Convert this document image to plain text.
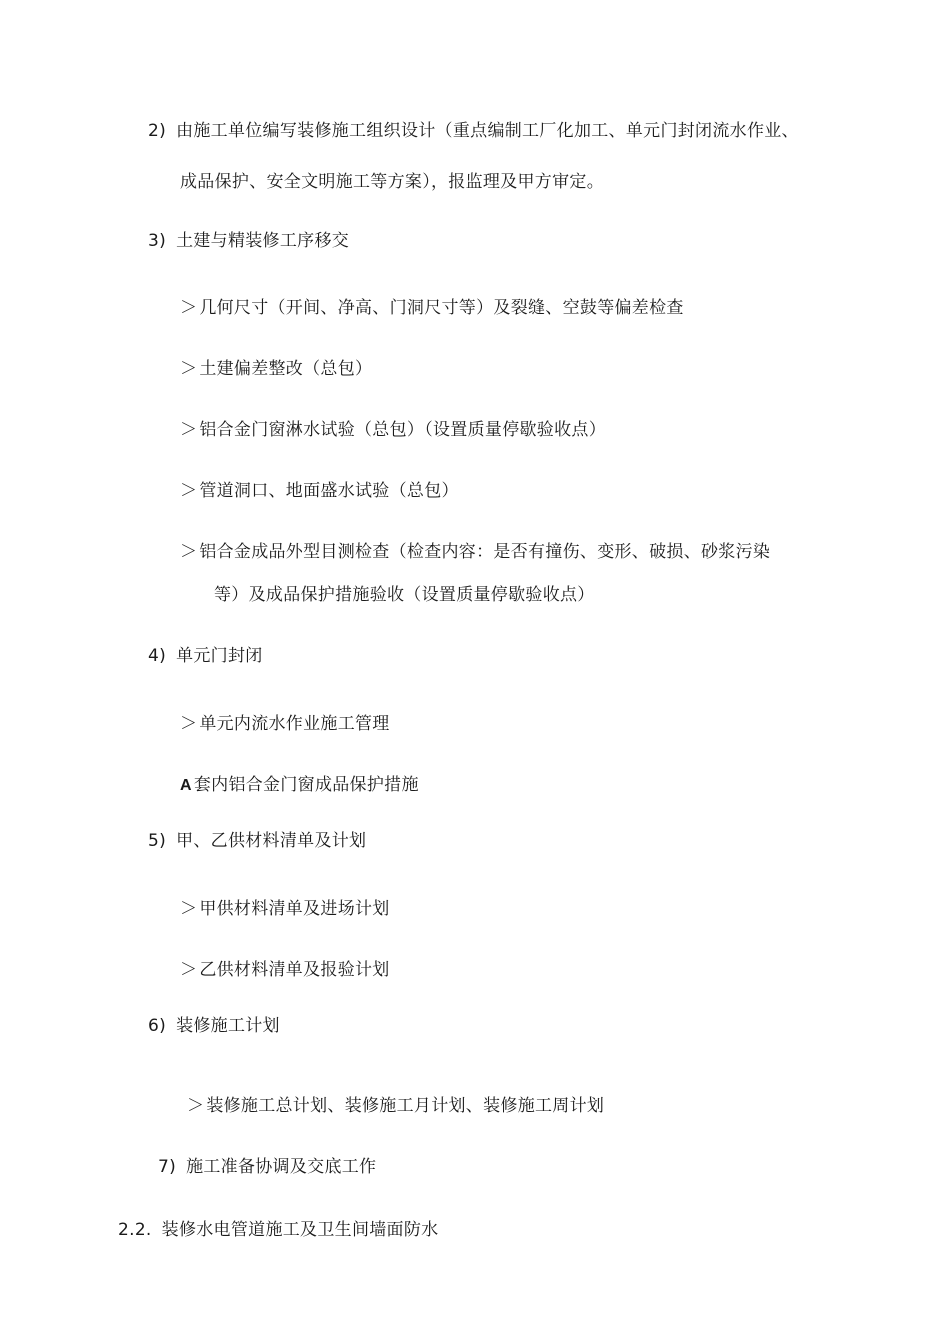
2) 由施工单位编写装修施工组织设计（重点编制工厂化加工、单元门封闭流水作业、
成品保护、安全文明施工等方案），报监理及甲方审定。
3) 土建与精装修工序移交
＞ 几何尺寸（开间、净高、门洞尺寸等）及裂缝、空鼓等偏差检查
＞ 土建偏差整改（总包）
＞ 铝合金门窗淋水试验（总包）（设置质量停歇验收点）
＞ 管道洞口、地面盛水试验（总包）
＞ 铝合金成品外型目测检查（检查内容：是否有撞伤、变形、破损、砂浆污染
等）及成品保护措施验收（设置质量停歇验收点）
4) 单元门封闭
＞ 单元内流水作业施工管理
A 套内铝合金门窗成品保护措施
5) 甲、乙供材料清单及计划
＞ 甲供材料清单及进场计划
＞ 乙供材料清单及报验计划
6) 装修施工计划
＞ 装修施工总计划、装修施工月计划、装修施工周计划
7) 施工准备协调及交底工作
2.2. 装修水电管道施工及卫生间墙面防水
